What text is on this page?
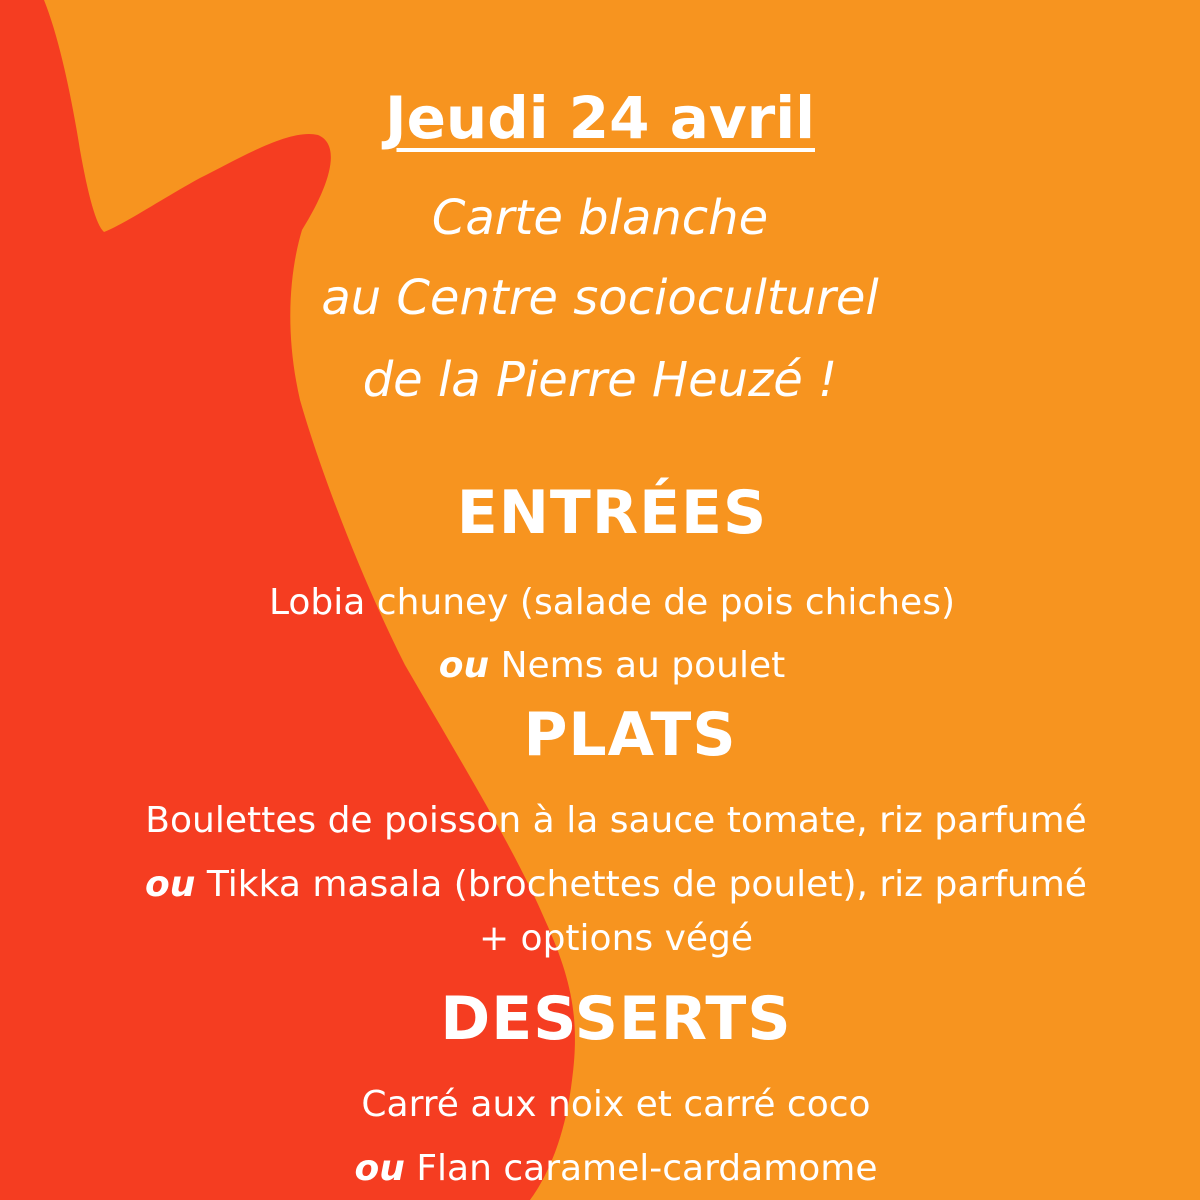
Jeudi 24 avril
Carte blanche
au Centre socioculturel
de la Pierre Heuzé !
ENTRÉES
Lobia chuney (salade de pois chiches)
ou Nems au poulet
PLATS
Boulettes de poisson à la sauce tomate, riz parfumé
ou Tikka masala (brochettes de poulet), riz parfumé
+ options végé
DESSERTS
Carré aux noix et carré coco
ou Flan caramel-cardamome
